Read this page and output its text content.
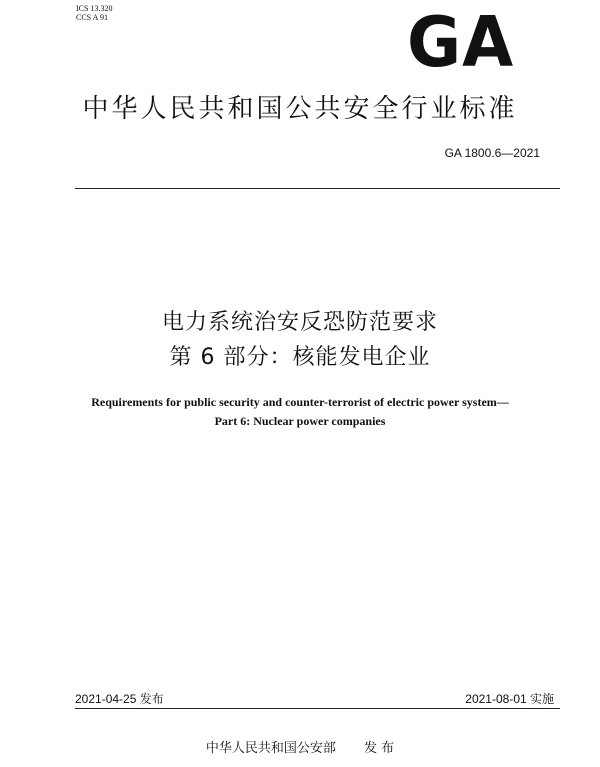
ICS 13.320
CCS A 91	GA
中华人民共和国公共安全行业标准
GA 1800.6—2021
电力系统治安反恐防范要求
第 6 部分：核能发电企业
Requirements for public security and counter-terrorist of electric power system—
Part 6: Nuclear power companies
2021-04-25 发布	2021-08-01 实施
中华人民共和国公安部 发 布
